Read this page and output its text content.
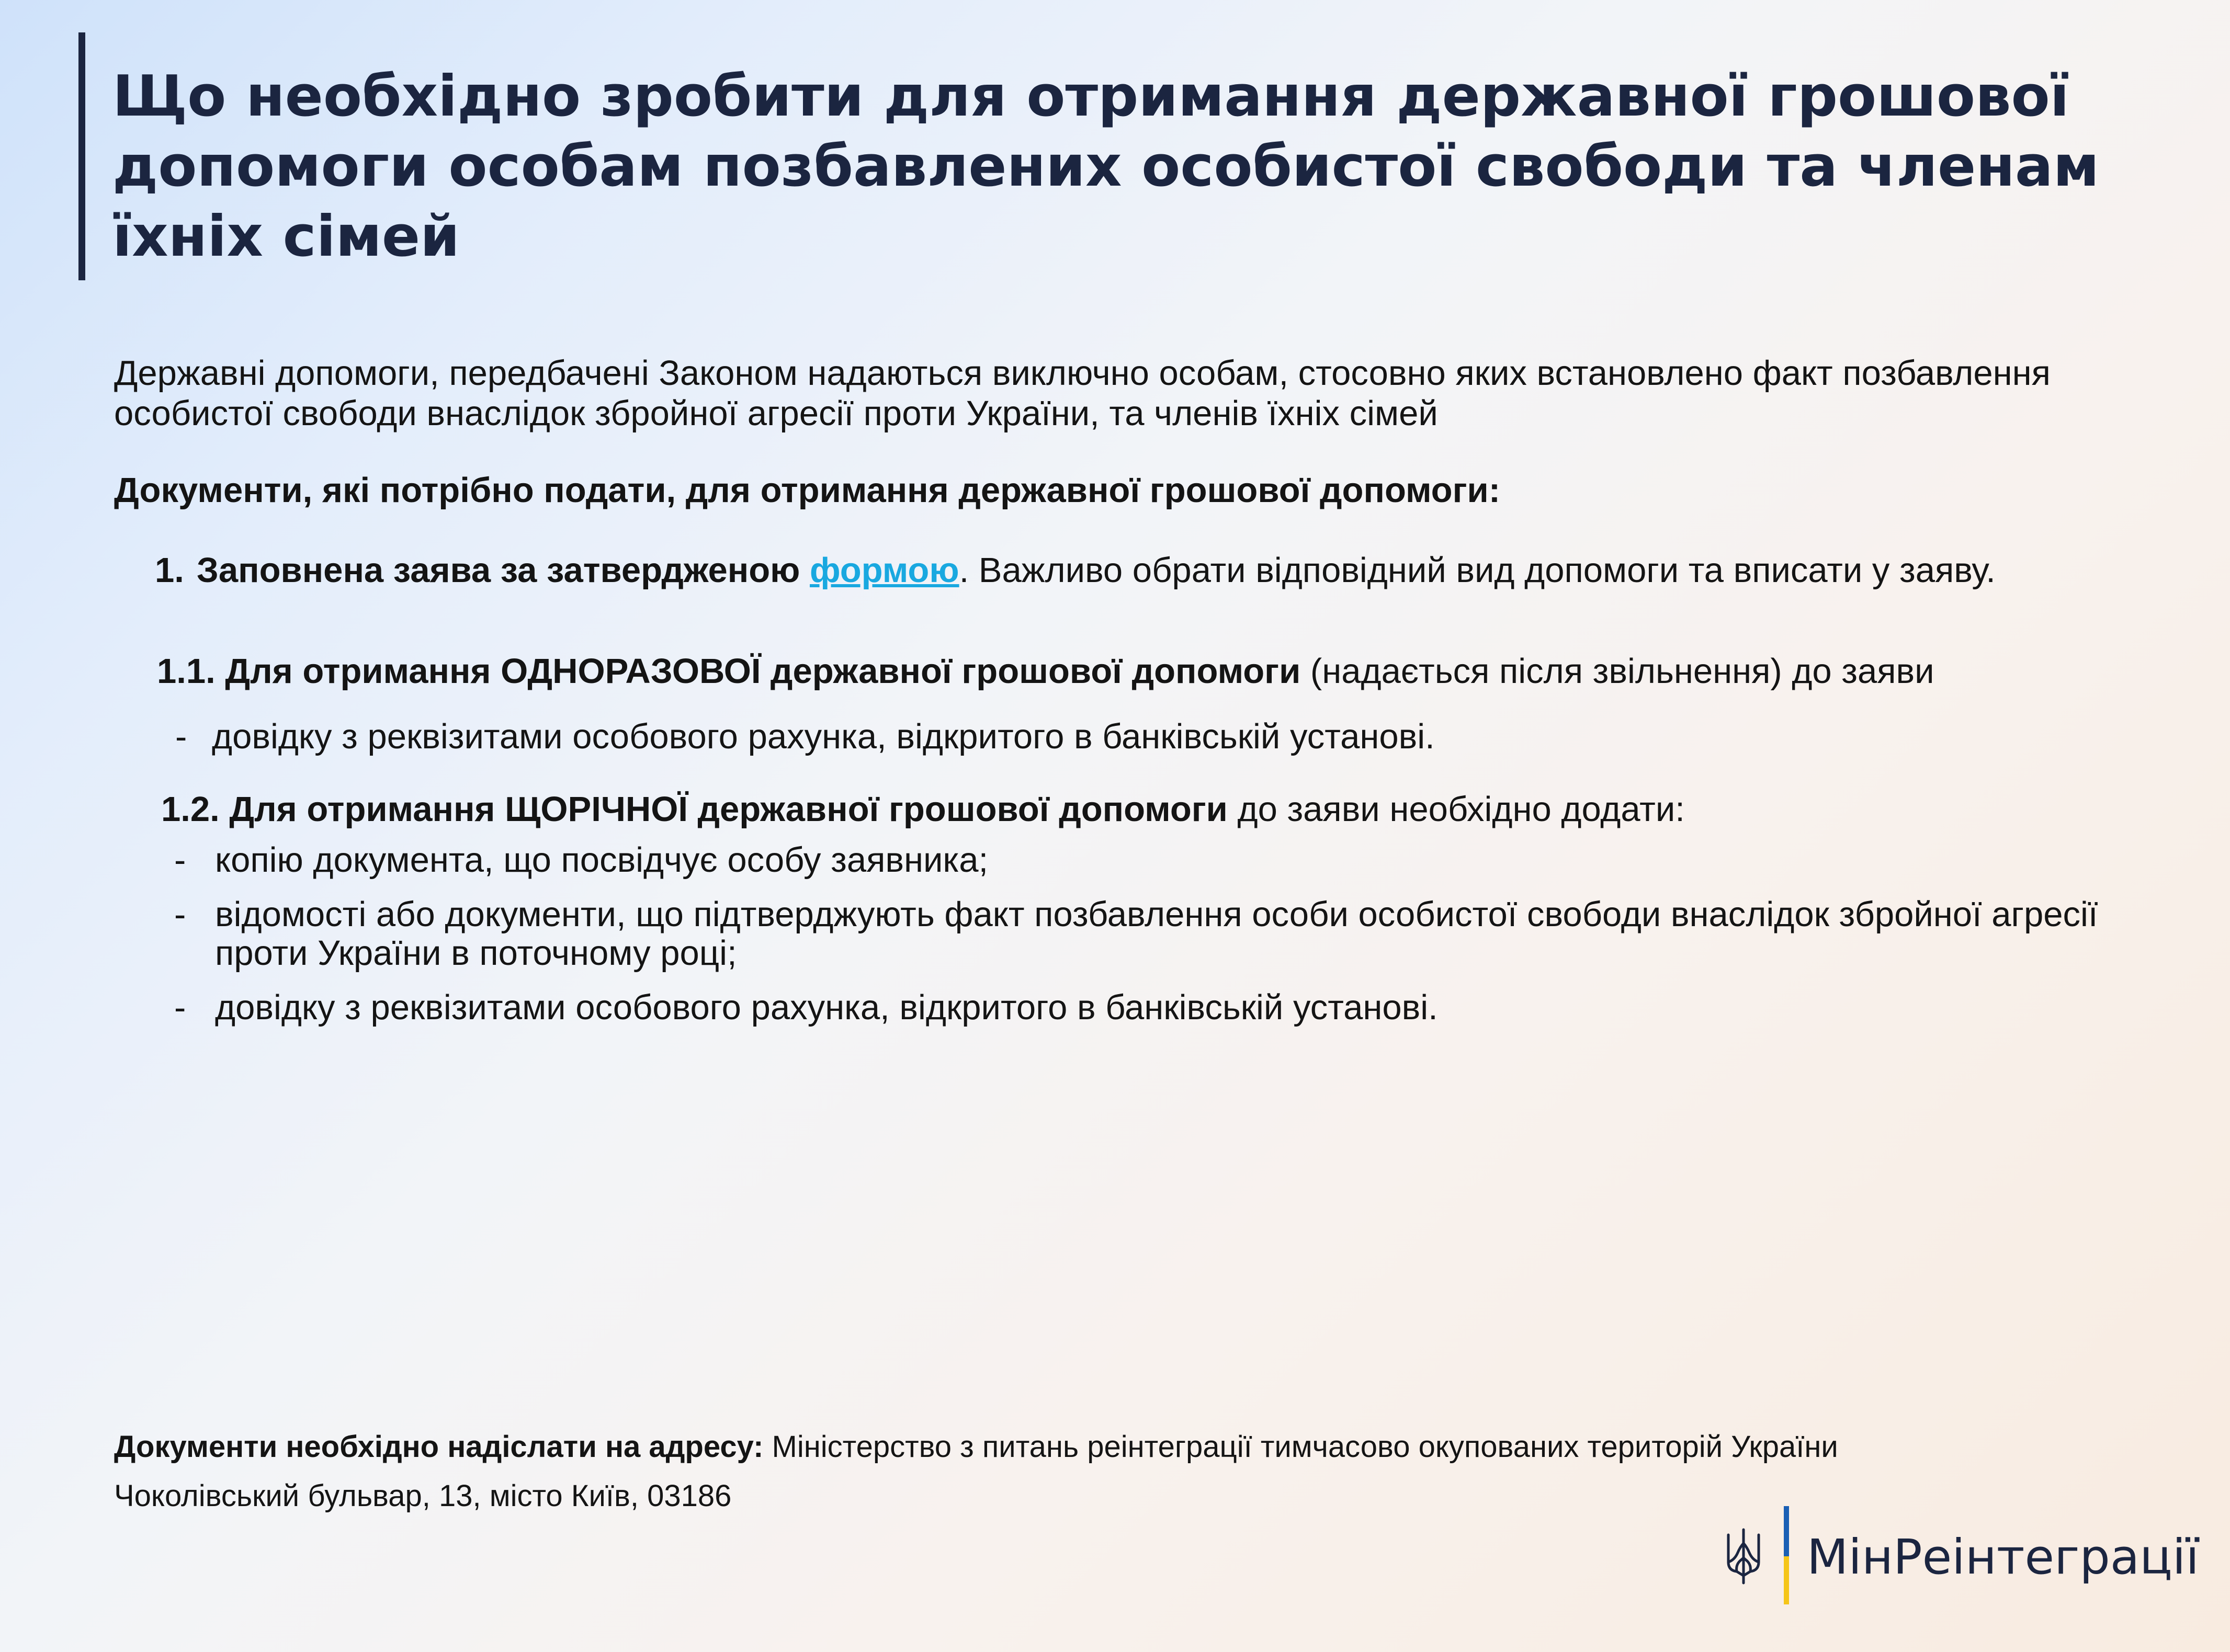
Що необхідно зробити для отримання державної грошової допомоги особам позбавлених особистої свободи та членам їхніх сімей
Державні допомоги, передбачені Законом надаються виключно особам, стосовно яких встановлено факт позбавлення особистої свободи внаслідок збройної агресії проти України, та членів їхніх сімей
Документи, які потрібно подати, для отримання державної грошової допомоги:
1. Заповнена заява за затвердженою формою. Важливо обрати відповідний вид допомоги та вписати у заяву.
1.1. Для отримання ОДНОРАЗОВОЇ державної грошової допомоги (надається після звільнення) до заяви
- довідку з реквізитами особового рахунка, відкритого в банківській установі.
1.2. Для отримання ЩОРІЧНОЇ державної грошової допомоги до заяви необхідно додати:
- копію документа, що посвідчує особу заявника;
- відомості або документи, що підтверджують факт позбавлення особи особистої свободи внаслідок збройної агресії проти України в поточному році;
- довідку з реквізитами особового рахунка, відкритого в банківській установі.
Документи необхідно надіслати на адресу: Міністерство з питань реінтеграції тимчасово окупованих територій України
Чоколівський бульвар, 13, місто Київ, 03186
МінРеінтеграції
